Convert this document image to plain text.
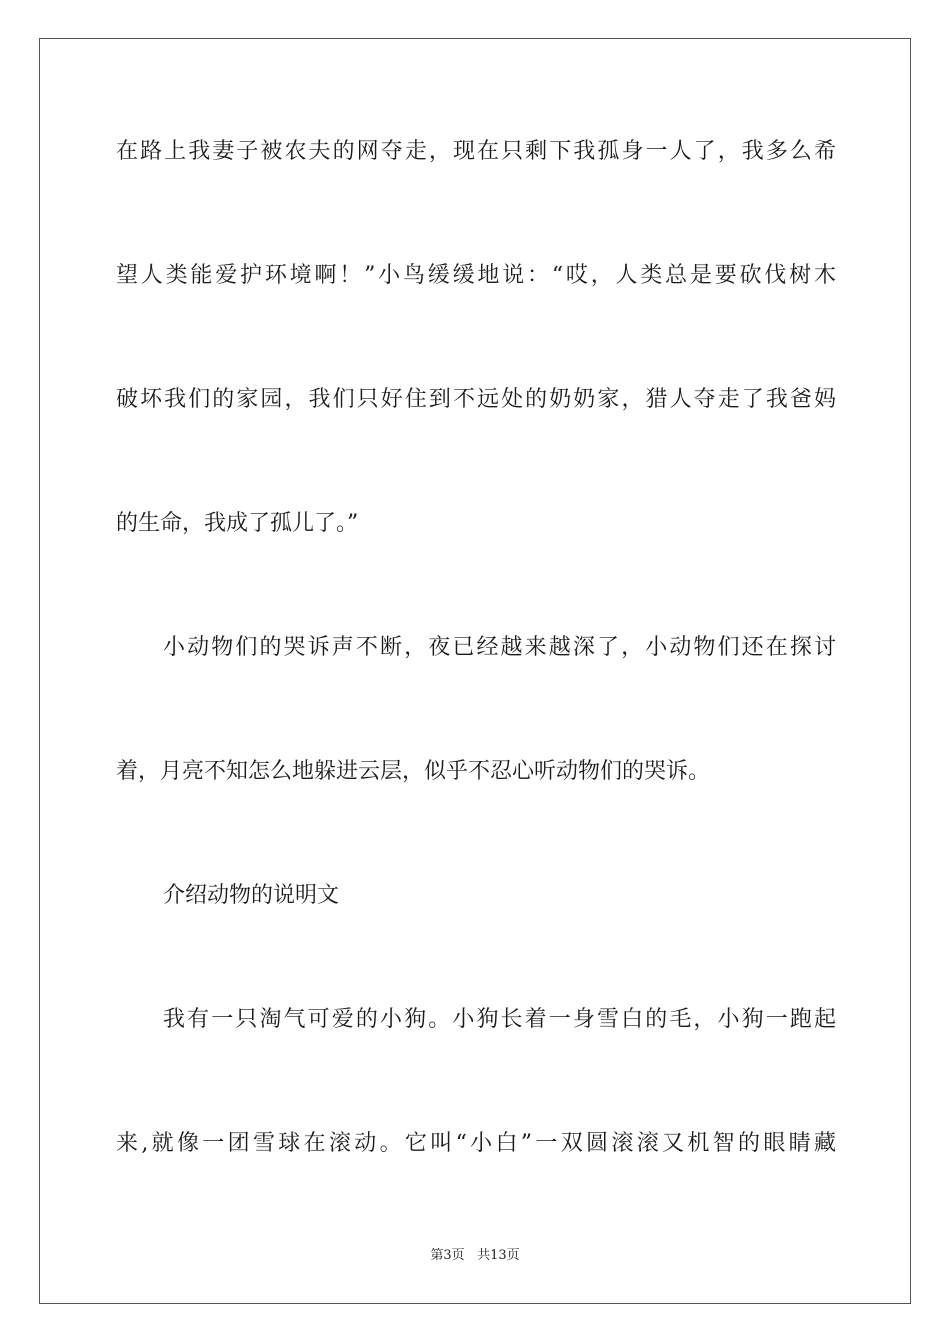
在路上我妻子被农夫的网夺走，现在只剩下我孤身一人了，我多么希
望人类能爱护环境啊！”小鸟缓缓地说：“哎，人类总是要砍伐树木
破坏我们的家园，我们只好住到不远处的奶奶家，猎人夺走了我爸妈
的生命，我成了孤儿了。”
小动物们的哭诉声不断，夜已经越来越深了，小动物们还在探讨
着，月亮不知怎么地躲进云层，似乎不忍心听动物们的哭诉。
介绍动物的说明文
我有一只淘气可爱的小狗。小狗长着一身雪白的毛，小狗一跑起
来,就像一团雪球在滚动。它叫“小白”一双圆滚滚又机智的眼睛藏
第3页 共13页
